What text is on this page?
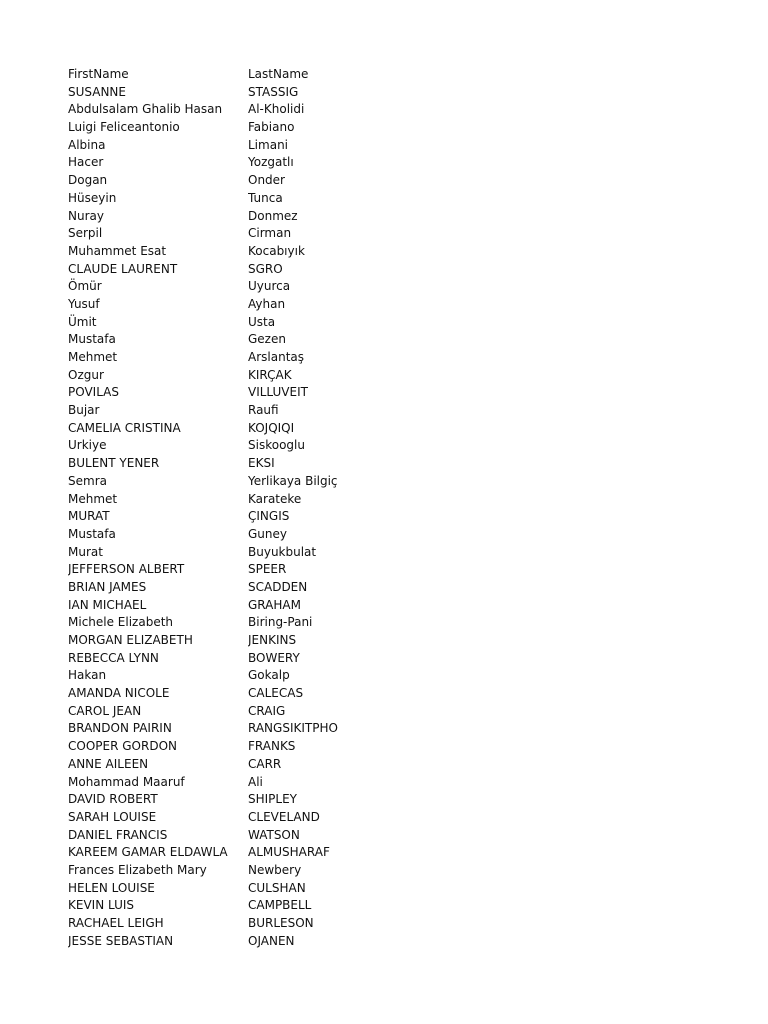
FirstName	LastName
SUSANNE	STASSIG
Abdulsalam Ghalib Hasan	Al-Kholidi
Luigi Feliceantonio	Fabiano
Albina	Limani
Hacer	Yozgatlı
Dogan	Onder
Hüseyin	Tunca
Nuray	Donmez
Serpil	Cirman
Muhammet Esat	Kocabıyık
CLAUDE LAURENT	SGRO
Ömür	Uyurca
Yusuf	Ayhan
Ümit	Usta
Mustafa	Gezen
Mehmet	Arslantaş
Ozgur	KIRÇAK
POVILAS	VILLUVEIT
Bujar	Raufi
CAMELIA CRISTINA	KOJQIQI
Urkiye	Siskooglu
BULENT YENER	EKSI
Semra	Yerlikaya Bilgiç
Mehmet	Karateke
MURAT	ÇINGIS
Mustafa	Guney
Murat	Buyukbulat
JEFFERSON ALBERT	SPEER
BRIAN JAMES	SCADDEN
IAN MICHAEL	GRAHAM
Michele Elizabeth	Biring-Pani
MORGAN ELIZABETH	JENKINS
REBECCA LYNN	BOWERY
Hakan	Gokalp
AMANDA NICOLE	CALECAS
CAROL JEAN	CRAIG
BRANDON PAIRIN	RANGSIKITPHO
COOPER GORDON	FRANKS
ANNE AILEEN	CARR
Mohammad Maaruf	Ali
DAVID ROBERT	SHIPLEY
SARAH LOUISE	CLEVELAND
DANIEL FRANCIS	WATSON
KAREEM GAMAR ELDAWLA	ALMUSHARAF
Frances Elizabeth Mary	Newbery
HELEN LOUISE	CULSHAN
KEVIN LUIS	CAMPBELL
RACHAEL LEIGH	BURLESON
JESSE SEBASTIAN	OJANEN
